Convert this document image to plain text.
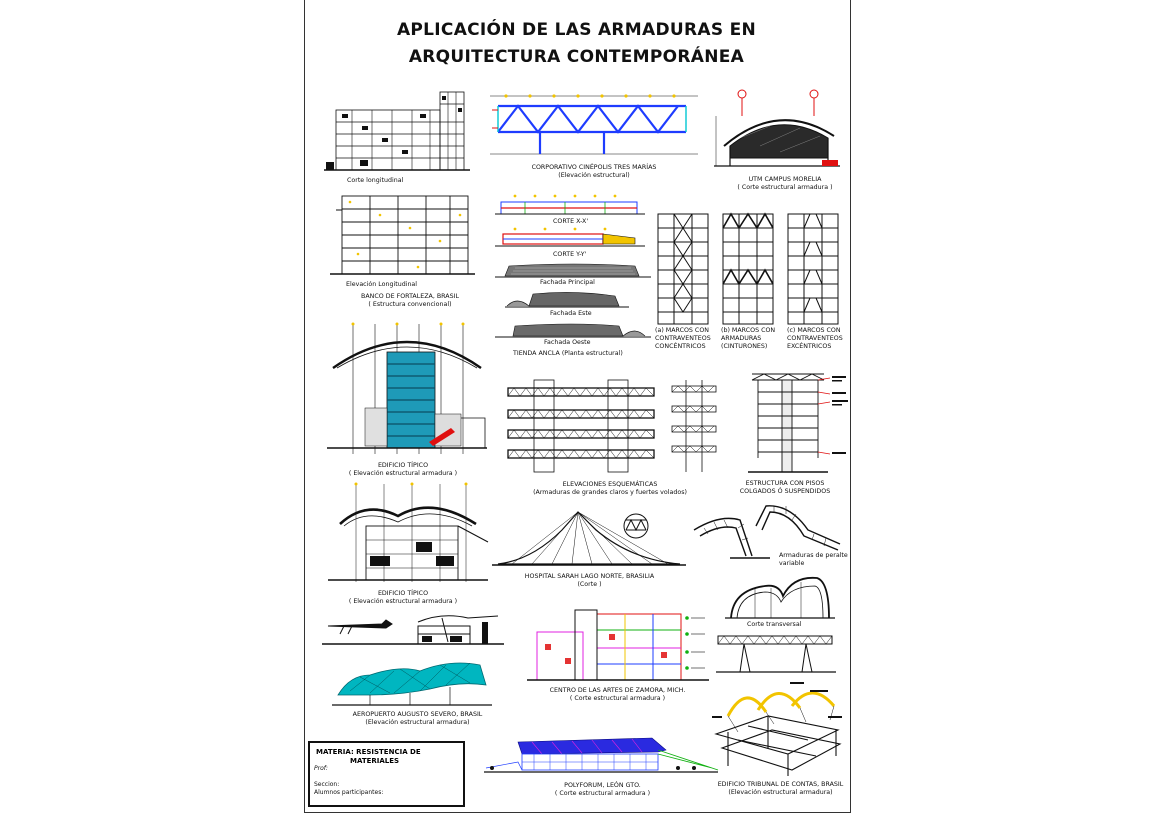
APLICACIÓN DE LAS ARMADURAS EN
ARQUITECTURA CONTEMPORÁNEA
Corte longitudinal
Elevación Longitudinal
BANCO DE FORTALEZA, BRASIL
( Estructura convencional)
CORPORATIVO CINÉPOLIS TRES MARÍAS
(Elevación estructural)
UTM CAMPUS MORELIA
( Corte estructural armadura )
CORTE X-X'
CORTE Y-Y'
Fachada Principal
Fachada Este
Fachada Oeste
TIENDA ANCLA (Planta estructural)
(a) MARCOS CON
CONTRAVENTEOS
CONCÉNTRICOS
(b) MARCOS CON
ARMADURAS
(CINTURONES)
(c) MARCOS CON
CONTRAVENTEOS
EXCÉNTRICOS
EDIFICIO TÍPICO
( Elevación estructural armadura )
ELEVACIONES ESQUEMÁTICAS
(Armaduras de grandes claros y fuertes volados)
ESTRUCTURA CON PISOS
COLGADOS Ó SUSPENDIDOS
EDIFICIO TÍPICO
( Elevación estructural armadura )
HOSPITAL SARAH LAGO NORTE, BRASILIA
(Corte )
Armaduras de peralte
variable
Corte transversal
AEROPUERTO AUGUSTO SEVERO, BRASIL
(Elevación estructural armadura)
CENTRO DE LAS ARTES DE ZAMORA, MICH.
( Corte estructural armadura )
EDIFICIO TRIBUNAL DE CONTAS, BRASIL
(Elevación estructural armadura)
POLYFORUM, LEÓN GTO.
( Corte estructural armadura )
MATERIA: RESISTENCIA DE
MATERIALES
Prof:
Seccion:
Alumnos participantes:
